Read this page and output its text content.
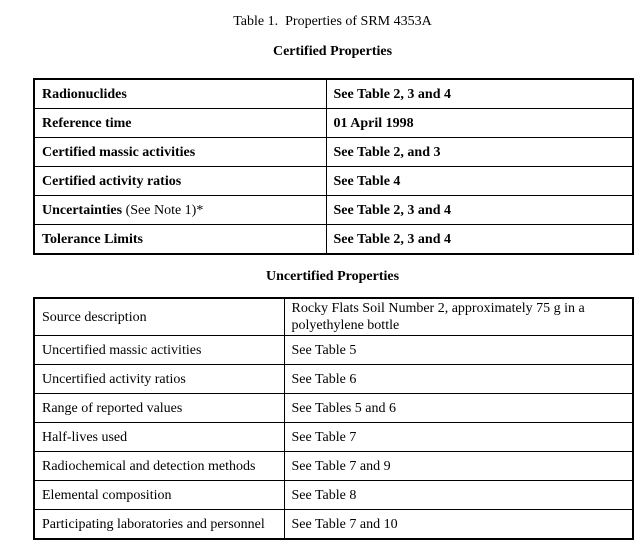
Table 1.  Properties of SRM 4353A
Certified Properties
Radionuclides	See Table 2, 3 and 4
Reference time	01 April 1998
Certified massic activities	See Table 2, and 3
Certified activity ratios	See Table 4
Uncertainties (See Note 1)*	See Table 2, 3 and 4
Tolerance Limits	See Table 2, 3 and 4
Uncertified Properties
Source description	Rocky Flats Soil Number 2, approximately 75 g in a polyethylene bottle
Uncertified massic activities	See Table 5
Uncertified activity ratios	See Table 6
Range of reported values	See Tables 5 and 6
Half-lives used	See Table 7
Radiochemical and detection methods	See Table 7 and 9
Elemental composition	See Table 8
Participating laboratories and personnel	See Table 7 and 10
